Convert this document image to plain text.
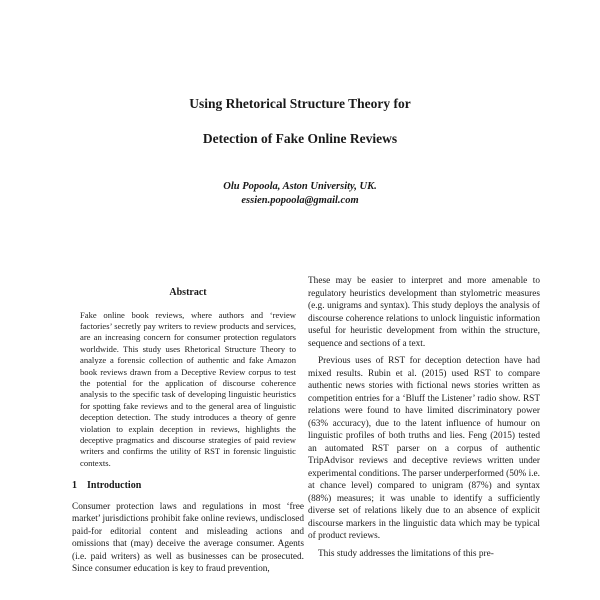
Using Rhetorical Structure Theory for
Detection of Fake Online Reviews
Olu Popoola, Aston University, UK.
essien.popoola@gmail.com
Abstract

Fake online book reviews, where authors and ‘review factories’ secretly pay writers to review products and services, are an increasing concern for consumer protection regulators worldwide. This study uses Rhetorical Structure Theory to analyze a forensic collection of authentic and fake Amazon book reviews drawn from a Deceptive Review corpus to test the potential for the application of discourse coherence analysis to the specific task of developing linguistic heuristics for spotting fake reviews and to the general area of linguistic deception detection. The study introduces a theory of genre violation to explain deception in reviews, highlights the deceptive pragmatics and discourse strategies of paid review writers and confirms the utility of RST in forensic linguistic contexts.

1 Introduction

Consumer protection laws and regulations in most ‘free market’ jurisdictions prohibit fake online reviews, undisclosed paid-for editorial content and misleading actions and omissions that (may) deceive the average consumer. Agents (i.e. paid writers) as well as businesses can be prosecuted. Since consumer education is key to fraud prevention,

These may be easier to interpret and more amenable to regulatory heuristics development than stylometric measures (e.g. unigrams and syntax). This study deploys the analysis of discourse coherence relations to unlock linguistic information useful for heuristic development from within the structure, sequence and sections of a text.

Previous uses of RST for deception detection have had mixed results. Rubin et al. (2015) used RST to compare authentic news stories with fictional news stories written as competition entries for a ‘Bluff the Listener’ radio show. RST relations were found to have limited discriminatory power (63% accuracy), due to the latent influence of humour on linguistic profiles of both truths and lies. Feng (2015) tested an automated RST parser on a corpus of authentic TripAdvisor reviews and deceptive reviews written under experimental conditions. The parser underperformed (50% i.e. at chance level) compared to unigram (87%) and syntax (88%) measures; it was unable to identify a sufficiently diverse set of relations likely due to an absence of explicit discourse markers in the linguistic data which may be typical of product reviews.

This study addresses the limitations of this pre-
